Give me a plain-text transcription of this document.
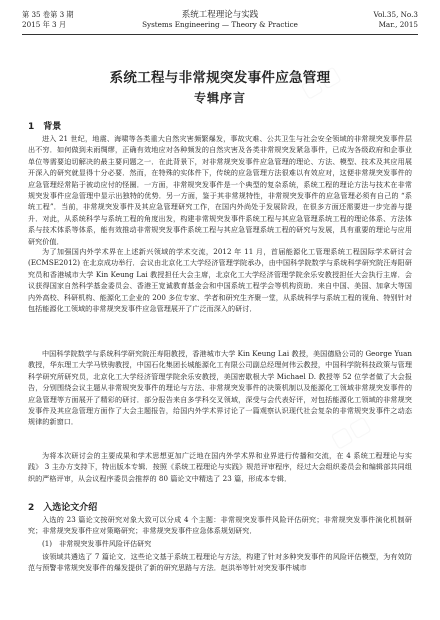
第 35 卷第 3 期
2015 年 3 月
系统工程理论与实践
Systems Engineering — Theory & Practice
Vol.35, No.3
Mar., 2015
系统工程与非常规突发事件应急管理
专辑序言
1　背景

进入 21 世纪，地震、海啸等各类重大自然灾害频繁爆发，事故灾难、公共卫生与社会安全领域的非常规突发事件层出不穷．如何做到未雨绸缪，正确有效地应对各种频发的自然灾害及各类非常规突发紧急事件，已成为各级政府和企事业单位等需要迫切解决的最主要问题之一．在此背景下，对非常规突发事件应急管理的理论、方法、模型、技术及其应用展开深入的研究就显得十分必要．然而，在特殊的实体件下，传统的应急管理方法很难以有效应对，这便非常规突发事件的应急管理经常陷于被动应付的怪圈．一方面，非常规突发事件是一个典型的复杂系统，系统工程的理论方法与技术在非常规突发事件应急管理中显示出独特的优势．另一方面，鉴于其非常规特性，非常规突发事件的应急管理必须有自己的 “系统工程”．当前，非常规突发事件及其应急管理研究工作，在国内外尚处于发展阶段，在很多方面还需要进一步完善与提升．对此，从系统科学与系统工程的角度出发，构建非常规突发事件系统工程与其应急管理系统工程的理论体系、方法体系与技术体系等体系，能有效推动非常规突发事件系统工程与其应急管理系统工程的研究与发展，具有重要的理论与应用研究价值．

为了加强国内外学术界在上述新兴领域的学术交流，2012 年 11 月，首届能源化工管理系统工程国际学术研讨会 (ECMSE2012) 在北京成功举行．会议由北京化工大学经济管理学院承办，由中国科学院数学与系统科学研究院汪寿阳研究员和香港城市大学 Kin Keung Lai 教授担任大会主席，北京化工大学经济管理学院余乐安教授担任大会执行主席．会议获得国家自然科学基金委员会、香港王宽诚教育基金会和中国系统工程学会等机构资助．来自中国、美国、加拿大等国内外高校、科研机构、能源化工企业的 200 多位专家、学者和研究生齐聚一堂，从系统科学与系统工程的视角、特别针对包括能源化工领域的非常规突发事件应急管理展开了广泛而深入的研讨．

中国科学院数学与系统科学研究院汪寿阳教授，香港城市大学 Kin Keung Lai 教授，美国德励公司的 George Yuan 教授，华东理工大学马铁驹教授，中国石化集团长城能源化工有限公司副总经理何伟云教授，中国科学院科技政策与管理科学研究所研究员，北京化工大学经济管理学院余乐安教授，美国密歇根大学 Michael D. 教授等 52 位学者做了大会报告，分别围绕会议主题从非常规突发事件的理论与方法、非常规突发事件的决策机制以及能源化工领域非常规突发事件的应急管理等方面展开了精彩的研讨．部分报告来自多学科交叉领域，深受与会代表好评，对包括能源化工领域的非常规突发事件及其应急管理方面作了大会主题报告，给国内外学术界讨论了一篇观察认识现代社会复杂的非常规突发事件之动态规律的新窗口．

为将本次研讨会的主要成果和学术思想更加广泛地在国内外学术界和业界进行传播和交流，在 4 系统工程理论与实践》 3 主办方支持下，特出版本专辑．按照《系统工程理论与实践》规范评审程序，经过大会组织委员会和编辑部共同组织的严格评审，从会议程序委员会推荐的 80 篇论文中精选了 23 篇，形成本专辑．

2　入选论文介绍

入选的 23 篇论文按研究对象大致可以分成 4 个主题：非常规突发事件风险评估研究；非常规突发事件演化机制研究；非常规突发事件应对策略研究；非常规突发事件应急体系规划研究．

(1)　非常规突发事件风险评估研究

该领域共遴选了 7 篇论文．这些论文基于系统工程理论与方法，构建了针对多种突发事件的风险评估模型，为有效防范与预警非常规突发事件的爆发提供了新的研究思路与方法．赵洪举等针对突发事件城市
